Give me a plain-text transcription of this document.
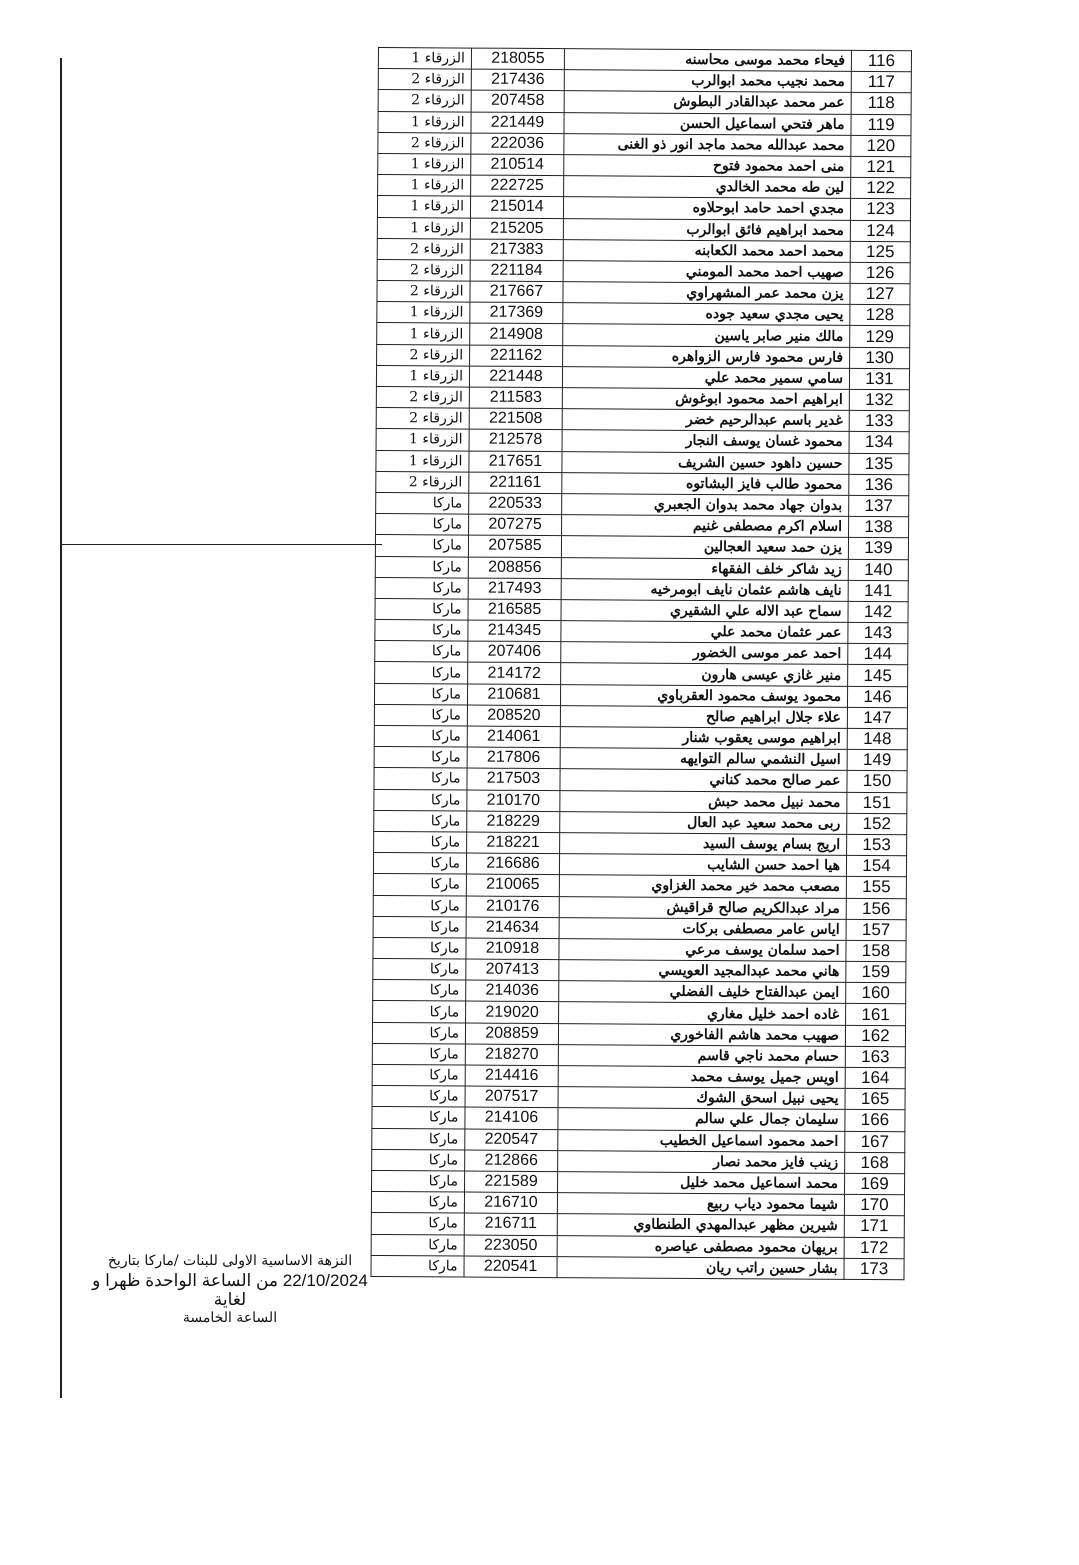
النزهة الاساسية الاولى للبنات /ماركا بتاريخ
22/10/2024 من الساعة الواحدة ظهرا و لغاية
الساعة الخامسة
الزرقاء 1	218055	فيحاء محمد موسى محاسنه	116
الزرقاء 2	217436	محمد نجيب محمد ابوالرب	117
الزرقاء 2	207458	عمر محمد عبدالقادر البطوش	118
الزرقاء 1	221449	ماهر فتحي اسماعيل الحسن	119
الزرقاء 2	222036	محمد عبدالله محمد ماجد انور ذو الغنى	120
الزرقاء 1	210514	منى احمد محمود فتوح	121
الزرقاء 1	222725	لين طه محمد الخالدي	122
الزرقاء 1	215014	مجدي احمد حامد ابوحلاوه	123
الزرقاء 1	215205	محمد ابراهيم فائق ابوالرب	124
الزرقاء 2	217383	محمد احمد محمد الكعابنه	125
الزرقاء 2	221184	صهيب احمد محمد المومني	126
الزرقاء 2	217667	يزن محمد عمر المشهراوي	127
الزرقاء 1	217369	يحيى مجدي سعيد جوده	128
الزرقاء 1	214908	مالك منير صابر ياسين	129
الزرقاء 2	221162	فارس محمود فارس الزواهره	130
الزرقاء 1	221448	سامي سمير محمد علي	131
الزرقاء 2	211583	ابراهيم احمد محمود ابوغوش	132
الزرقاء 2	221508	غدير باسم عبدالرحيم خضر	133
الزرقاء 1	212578	محمود غسان يوسف النجار	134
الزرقاء 1	217651	حسين داهود حسين الشريف	135
الزرقاء 2	221161	محمود طالب فايز البشاتوه	136
ماركا	220533	بدوان جهاد محمد بدوان الجعبري	137
ماركا	207275	اسلام اكرم مصطفى غنيم	138
ماركا	207585	يزن حمد سعيد العجالين	139
ماركا	208856	زيد شاكر خلف الفقهاء	140
ماركا	217493	نايف هاشم عثمان نايف ابومرخيه	141
ماركا	216585	سماح عبد الاله علي الشقيري	142
ماركا	214345	عمر عثمان محمد علي	143
ماركا	207406	احمد عمر موسى الخضور	144
ماركا	214172	منير غازي عيسى هارون	145
ماركا	210681	محمود يوسف محمود العقرباوي	146
ماركا	208520	علاء جلال ابراهيم صالح	147
ماركا	214061	ابراهيم موسى يعقوب شنار	148
ماركا	217806	اسيل النشمي سالم التوايهه	149
ماركا	217503	عمر صالح محمد كناني	150
ماركا	210170	محمد نبيل محمد حبش	151
ماركا	218229	ربى محمد سعيد عبد العال	152
ماركا	218221	اريج بسام يوسف السيد	153
ماركا	216686	هيا احمد حسن الشايب	154
ماركا	210065	مصعب محمد خير محمد الغزاوي	155
ماركا	210176	مراد عبدالكريم صالح قراقيش	156
ماركا	214634	اياس عامر مصطفى بركات	157
ماركا	210918	احمد سلمان يوسف مرعي	158
ماركا	207413	هاني محمد عبدالمجيد العويسي	159
ماركا	214036	ايمن عبدالفتاح خليف الفضلي	160
ماركا	219020	غاده احمد خليل مغاري	161
ماركا	208859	صهيب محمد هاشم الفاخوري	162
ماركا	218270	حسام محمد ناجي قاسم	163
ماركا	214416	اويس جميل يوسف محمد	164
ماركا	207517	يحيى نبيل اسحق الشوك	165
ماركا	214106	سليمان جمال علي سالم	166
ماركا	220547	احمد محمود اسماعيل الخطيب	167
ماركا	212866	زينب فايز محمد نصار	168
ماركا	221589	محمد اسماعيل محمد خليل	169
ماركا	216710	شيما محمود دياب ربيع	170
ماركا	216711	شيرين مظهر عبدالمهدي الطنطاوي	171
ماركا	223050	بريهان محمود مصطفى عياصره	172
ماركا	220541	بشار حسين راتب ريان	173
